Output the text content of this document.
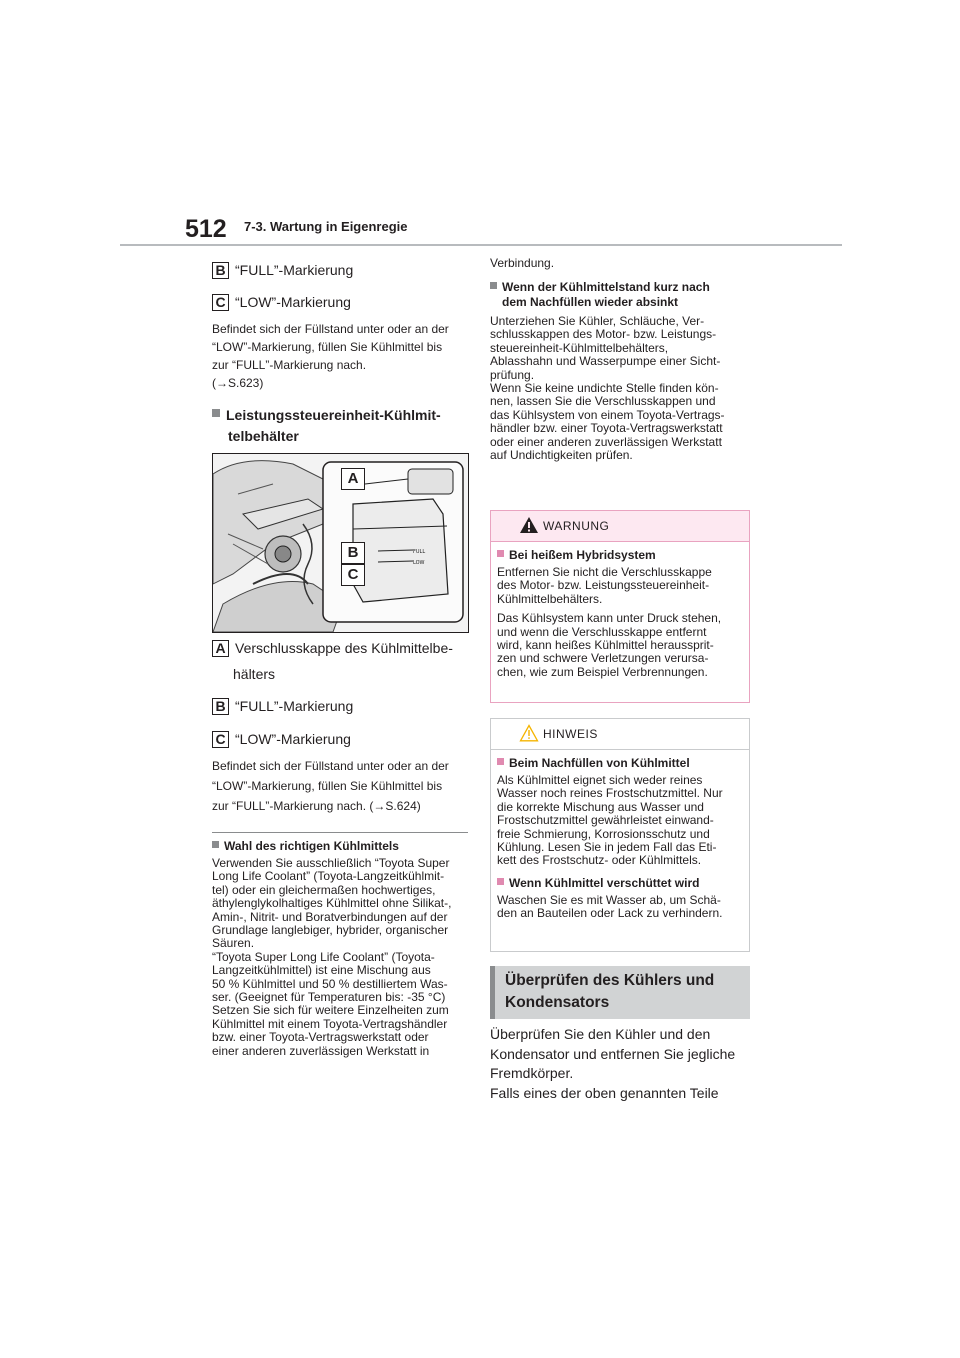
512 7-3. Wartung in Eigenregie
B “FULL”-Markierung
C “LOW”-Markierung
Befindet sich der Füllstand unter oder an der
“LOW”-Markierung, füllen Sie Kühlmittel bis
zur “FULL”-Markierung nach.
(→S.623)
Leistungssteuereinheit-Kühlmit-
telbehälter
FULL
LOW
A
B
C
A Verschlusskappe des Kühlmittelbe-
hälters
B “FULL”-Markierung
C “LOW”-Markierung
Befindet sich der Füllstand unter oder an der
“LOW”-Markierung, füllen Sie Kühlmittel bis
zur “FULL”-Markierung nach. (→S.624)
Wahl des richtigen Kühlmittels
Verwenden Sie ausschließlich “Toyota Super
Long Life Coolant” (Toyota-Langzeitkühlmit-
tel) oder ein gleichermaßen hochwertiges,
äthylenglykolhaltiges Kühlmittel ohne Silikat-,
Amin-, Nitrit- und Boratverbindungen auf der
Grundlage langlebiger, hybrider, organischer
Säuren.
“Toyota Super Long Life Coolant” (Toyota-
Langzeitkühlmittel) ist eine Mischung aus
50 % Kühlmittel und 50 % destilliertem Was-
ser. (Geeignet für Temperaturen bis: -35 °C)
Setzen Sie sich für weitere Einzelheiten zum
Kühlmittel mit einem Toyota-Vertragshändler
bzw. einer Toyota-Vertragswerkstatt oder
einer anderen zuverlässigen Werkstatt in
Verbindung.
Wenn der Kühlmittelstand kurz nach
dem Nachfüllen wieder absinkt
Unterziehen Sie Kühler, Schläuche, Ver-
schlusskappen des Motor- bzw. Leistungs-
steuereinheit-Kühlmittelbehälters,
Ablasshahn und Wasserpumpe einer Sicht-
prüfung.
Wenn Sie keine undichte Stelle finden kön-
nen, lassen Sie die Verschlusskappen und
das Kühlsystem von einem Toyota-Vertrags-
händler bzw. einer Toyota-Vertragswerkstatt
oder einer anderen zuverlässigen Werkstatt
auf Undichtigkeiten prüfen.
WARNUNG
Bei heißem Hybridsystem
Entfernen Sie nicht die Verschlusskappe
des Motor- bzw. Leistungssteuereinheit-
Kühlmittelbehälters.
Das Kühlsystem kann unter Druck stehen,
und wenn die Verschlusskappe entfernt
wird, kann heißes Kühlmittel heraussprit-
zen und schwere Verletzungen verursa-
chen, wie zum Beispiel Verbrennungen.
HINWEIS
Beim Nachfüllen von Kühlmittel
Als Kühlmittel eignet sich weder reines
Wasser noch reines Frostschutzmittel. Nur
die korrekte Mischung aus Wasser und
Frostschutzmittel gewährleistet einwand-
freie Schmierung, Korrosionsschutz und
Kühlung. Lesen Sie in jedem Fall das Eti-
kett des Frostschutz- oder Kühlmittels.
Wenn Kühlmittel verschüttet wird
Waschen Sie es mit Wasser ab, um Schä-
den an Bauteilen oder Lack zu verhindern.
Überprüfen des Kühlers und
Kondensators
Überprüfen Sie den Kühler und den
Kondensator und entfernen Sie jegliche
Fremdkörper.
Falls eines der oben genannten Teile
